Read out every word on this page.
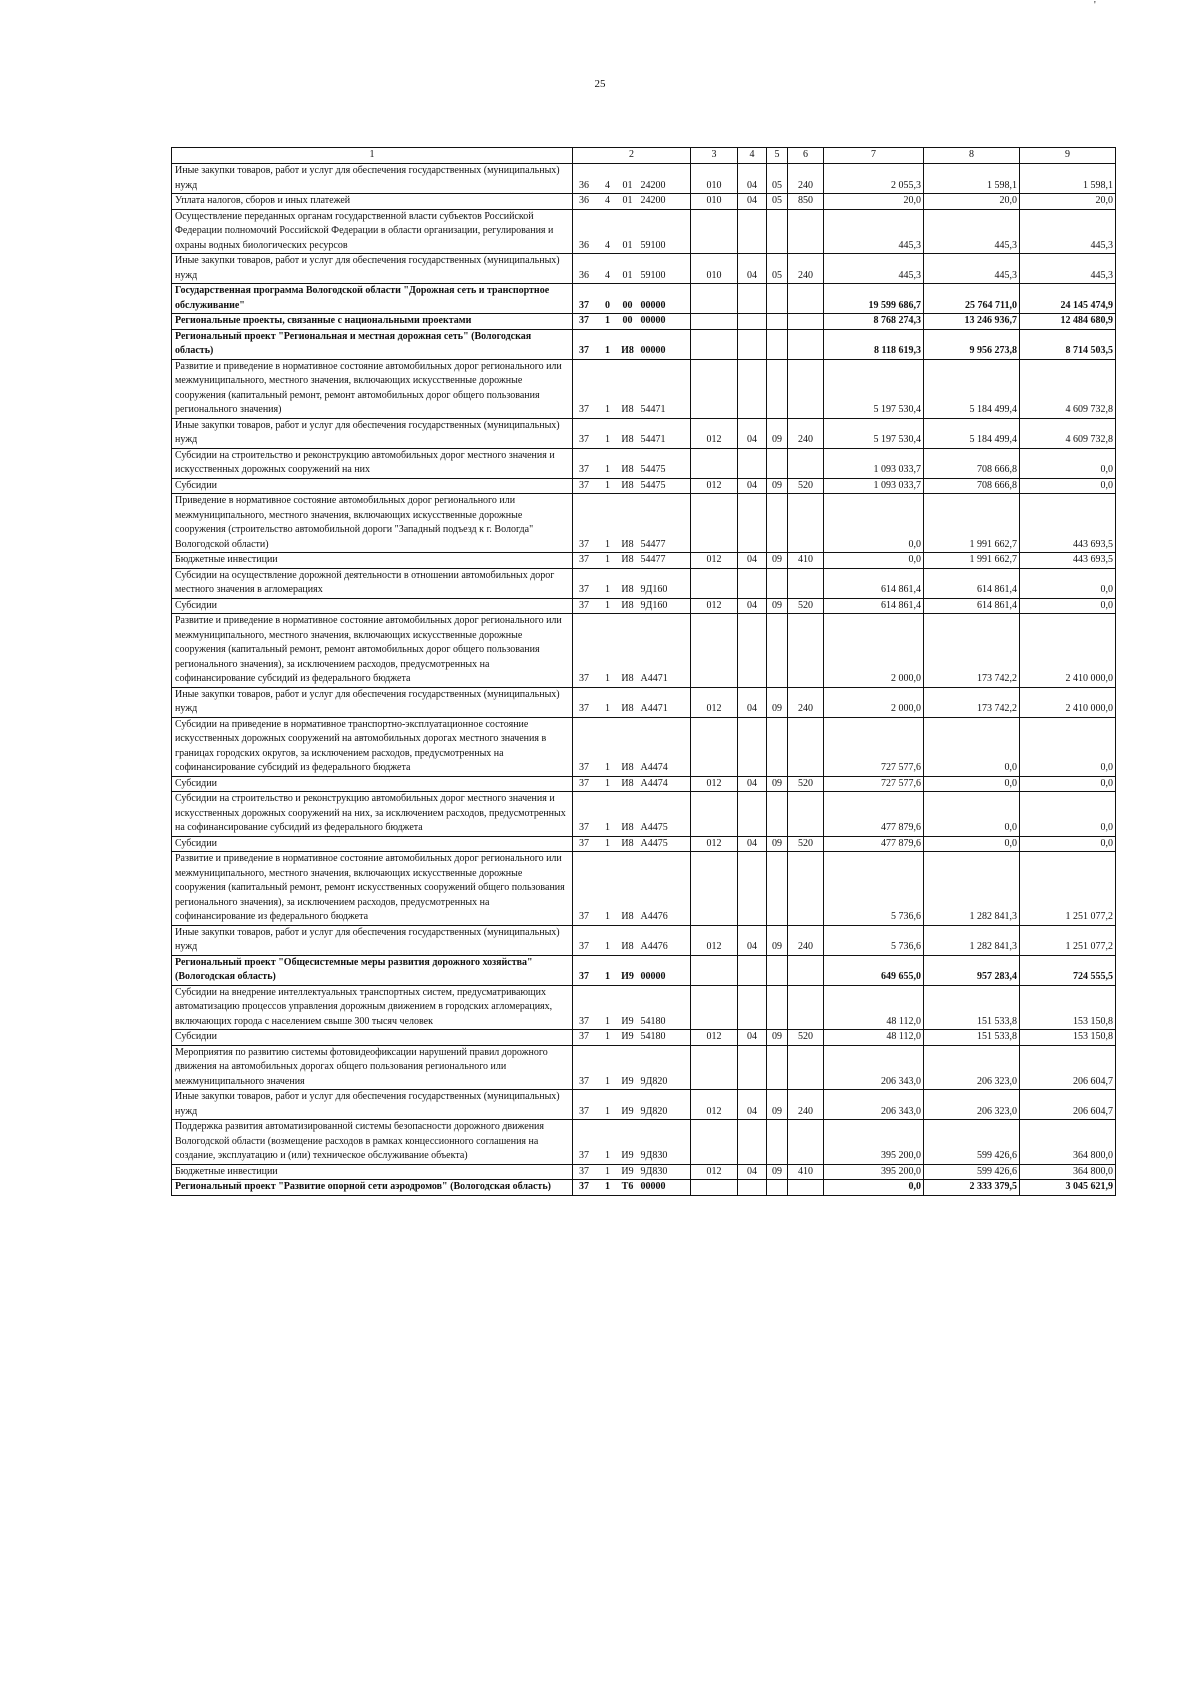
'
25
1	2				3	4	5	6	7	8	9
Иные закупки товаров, работ и услуг для обеспечения государственных (муниципальных) нужд	36	4	01	24200	010	04	05	240	2 055,3	1 598,1	1 598,1
Уплата налогов, сборов и иных платежей	36	4	01	24200	010	04	05	850	20,0	20,0	20,0
Осуществление переданных органам государственной власти субъектов Российской Федерации полномочий Российской Федерации в области организации, регулирования и охраны водных биологических ресурсов	36	4	01	59100					445,3	445,3	445,3
Иные закупки товаров, работ и услуг для обеспечения государственных (муниципальных) нужд	36	4	01	59100	010	04	05	240	445,3	445,3	445,3
Государственная программа Вологодской области "Дорожная сеть и транспортное обслуживание"	37	0	00	00000					19 599 686,7	25 764 711,0	24 145 474,9
Региональные проекты, связанные с национальными проектами	37	1	00	00000					8 768 274,3	13 246 936,7	12 484 680,9
Региональный проект "Региональная и местная дорожная сеть" (Вологодская область)	37	1	И8	00000					8 118 619,3	9 956 273,8	8 714 503,5
Развитие и приведение в нормативное состояние автомобильных дорог регионального или межмуниципального, местного значения, включающих искусственные дорожные сооружения (капитальный ремонт, ремонт автомобильных дорог общего пользования регионального значения)	37	1	И8	54471					5 197 530,4	5 184 499,4	4 609 732,8
Иные закупки товаров, работ и услуг для обеспечения государственных (муниципальных) нужд	37	1	И8	54471	012	04	09	240	5 197 530,4	5 184 499,4	4 609 732,8
Субсидии на строительство и реконструкцию автомобильных дорог местного значения и искусственных дорожных сооружений на них	37	1	И8	54475					1 093 033,7	708 666,8	0,0
Субсидии	37	1	И8	54475	012	04	09	520	1 093 033,7	708 666,8	0,0
Приведение в нормативное состояние автомобильных дорог регионального или межмуниципального, местного значения, включающих искусственные дорожные сооружения (строительство автомобильной дороги "Западный подъезд к г. Вологда" Вологодской области)	37	1	И8	54477					0,0	1 991 662,7	443 693,5
Бюджетные инвестиции	37	1	И8	54477	012	04	09	410	0,0	1 991 662,7	443 693,5
Субсидии на осуществление дорожной деятельности в отношении автомобильных дорог местного значения в агломерациях	37	1	И8	9Д160					614 861,4	614 861,4	0,0
Субсидии	37	1	И8	9Д160	012	04	09	520	614 861,4	614 861,4	0,0
Развитие и приведение в нормативное состояние автомобильных дорог регионального или межмуниципального, местного значения, включающих искусственные дорожные сооружения (капитальный ремонт, ремонт автомобильных дорог общего пользования регионального значения), за исключением расходов, предусмотренных на софинансирование субсидий из федерального бюджета	37	1	И8	А4471					2 000,0	173 742,2	2 410 000,0
Иные закупки товаров, работ и услуг для обеспечения государственных (муниципальных) нужд	37	1	И8	А4471	012	04	09	240	2 000,0	173 742,2	2 410 000,0
Субсидии на приведение в нормативное транспортно-эксплуатационное состояние искусственных дорожных сооружений на автомобильных дорогах местного значения в границах городских округов, за исключением расходов, предусмотренных на софинансирование субсидий из федерального бюджета	37	1	И8	А4474					727 577,6	0,0	0,0
Субсидии	37	1	И8	А4474	012	04	09	520	727 577,6	0,0	0,0
Субсидии на строительство и реконструкцию автомобильных дорог местного значения и искусственных дорожных сооружений на них, за исключением расходов, предусмотренных на софинансирование субсидий из федерального бюджета	37	1	И8	А4475					477 879,6	0,0	0,0
Субсидии	37	1	И8	А4475	012	04	09	520	477 879,6	0,0	0,0
Развитие и приведение в нормативное состояние автомобильных дорог регионального или межмуниципального, местного значения, включающих искусственные дорожные сооружения (капитальный ремонт, ремонт искусственных сооружений общего пользования регионального значения), за исключением расходов, предусмотренных на софинансирование из федерального бюджета	37	1	И8	А4476					5 736,6	1 282 841,3	1 251 077,2
Иные закупки товаров, работ и услуг для обеспечения государственных (муниципальных) нужд	37	1	И8	А4476	012	04	09	240	5 736,6	1 282 841,3	1 251 077,2
Региональный проект "Общесистемные меры развития дорожного хозяйства" (Вологодская область)	37	1	И9	00000					649 655,0	957 283,4	724 555,5
Субсидии на внедрение интеллектуальных транспортных систем, предусматривающих автоматизацию процессов управления дорожным движением в городских агломерациях, включающих города с населением свыше 300 тысяч человек	37	1	И9	54180					48 112,0	151 533,8	153 150,8
Субсидии	37	1	И9	54180	012	04	09	520	48 112,0	151 533,8	153 150,8
Мероприятия по развитию системы фотовидеофиксации нарушений правил дорожного движения на автомобильных дорогах общего пользования регионального или межмуниципального значения	37	1	И9	9Д820					206 343,0	206 323,0	206 604,7
Иные закупки товаров, работ и услуг для обеспечения государственных (муниципальных) нужд	37	1	И9	9Д820	012	04	09	240	206 343,0	206 323,0	206 604,7
Поддержка развития автоматизированной системы безопасности дорожного движения Вологодской области (возмещение расходов в рамках концессионного соглашения на создание, эксплуатацию и (или) техническое обслуживание объекта)	37	1	И9	9Д830					395 200,0	599 426,6	364 800,0
Бюджетные инвестиции	37	1	И9	9Д830	012	04	09	410	395 200,0	599 426,6	364 800,0
Региональный проект "Развитие опорной сети аэродромов" (Вологодская область)	37	1	Т6	00000					0,0	2 333 379,5	3 045 621,9
